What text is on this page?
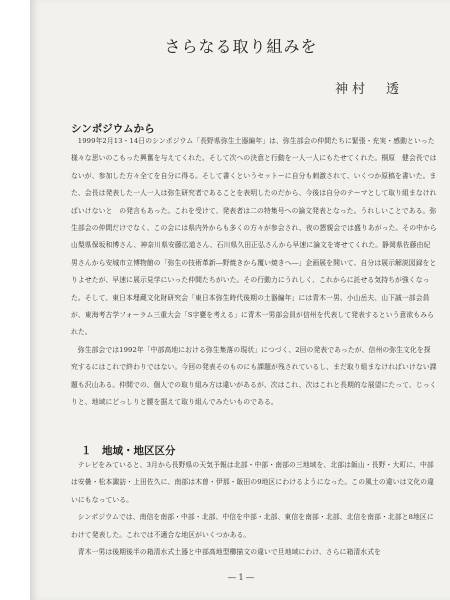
さらなる取り組みを
神村　透
シンポジウムから

1999年2月13・14日のシンポジウム「長野県弥生土器編年」は、弥生部会の仲間たちに緊張・充実・感動といった様々な思いのこもった興奮を与えてくれた。そして次への決意と行動を一人一人にもたせてくれた。桐原　健会長ではないが、参加した方々全てを自分に得る。そして書くというセットーに自分も刺激されて、いくつか原稿を書いた。また、会長は発表した一人一人は弥生研究者であることを表明したのだから、今後は自分のテーマとして取り組まなければいけないと　の発言もあった。これを受けて、発表者は二の特集号への論文発表となった。うれしいことである。弥生部会の仲間だけでなく、この会には県内外からも多くの方々が参会され、夜の懇親会では盛りあがった。その中から山梨県保坂和博さん、神奈川県安藤広道さん、石川県久田正弘さんから早速に論文を寄せてくれた。静岡県佐藤由紀男さんから安城市立博物館の「弥生の技術革新―野焼きから覆い焼きへ―」企画展を開いて、自分は展示解説図録をとりよせたが、早速に展示見学にいった仲間たちがいた。その行動力にうれしく、これからに託せる気持ちが強くなった。そして、東日本埋蔵文化財研究会「東日本弥生時代後期の土器編年」には青木一男、小山岳夫、山下誠一部会員が、東海考古学フォーラム三重大会「S字甕を考える」に青木一男部会員が信州を代表して発表するという意欲もみられた。

弥生部会では1992年「中部高地における弥生集落の現状」につづく、2回の発表であったが、信州の弥生文化を探究するにはこれで終わりではない。今回の発表そのものにも課題が残されているし、まだ取り組まなければいけない課題も沢山ある。仲間での、個人での取り組み方は違いがあるが、次はこれ、次はこれと長期的な展望にたって、じっくりと、地域にどっしりと腰を据えて取り組んでみたいものである。

１　地域・地区区分

テレビをみていると、3月から長野県の天気予報は北部・中部・南部の三地域を、北部は飯山・長野・大町に、中部は安曇・松本諏訪・上田佐久に、南部は木曽・伊那・飯田の9地区にわけるようになった。この風土の違いは文化の違いにもなっている。

シンポジウムでは、南信を南部・中部・北部、中信を中部・北部、東信を南部・北部、北信を南部・北部と8地区にわけて発表した。これでは不適合な地区がいくつかある。

青木一男は後期後半の箱清水式土器と中部高地型櫛描文の違いで旦地域にわけ、さらに箱清水式を

― 1 ―
